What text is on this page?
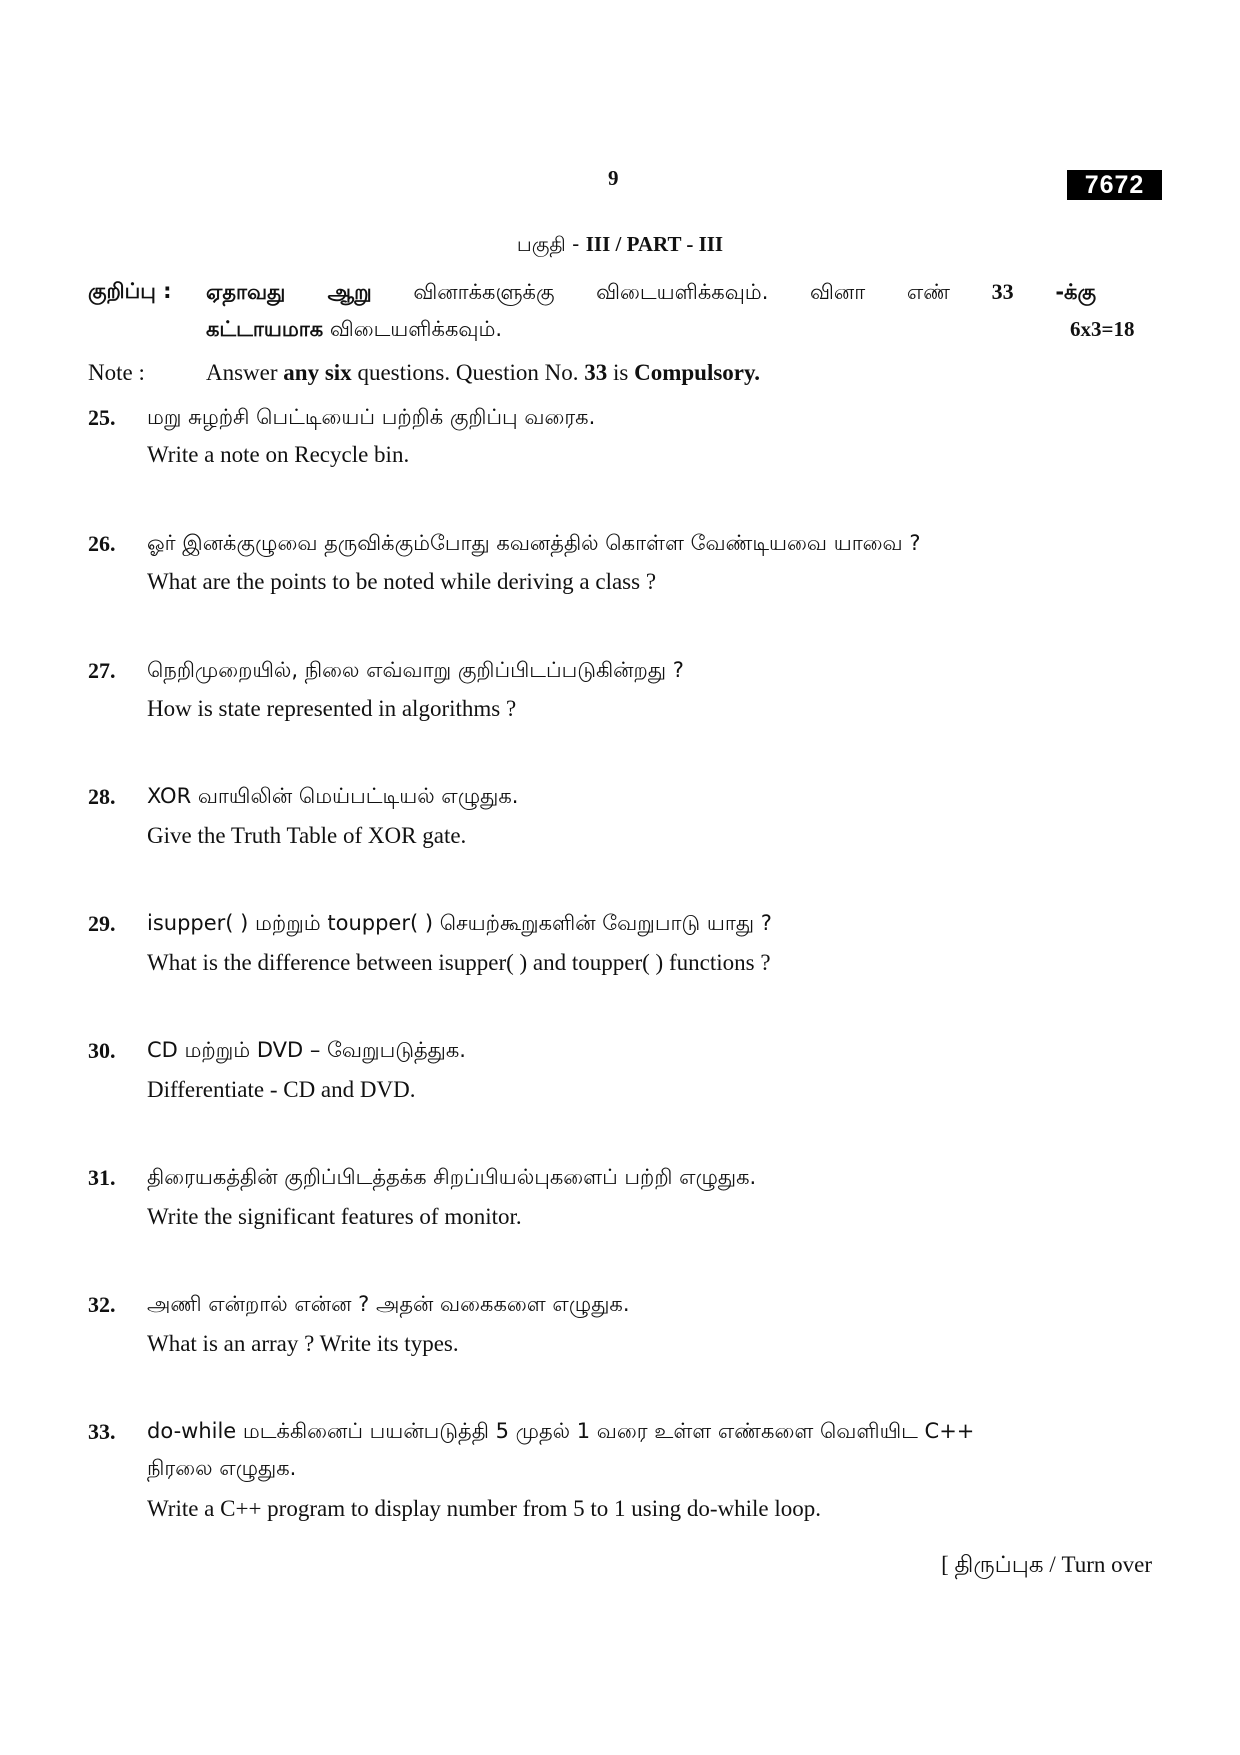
9	7672
பகுதி - III / PART - III
குறிப்பு : ஏதாவது ஆறு வினாக்களுக்கு விடையளிக்கவும். வினா எண் 33 -க்கு
கட்டாயமாக விடையளிக்கவும்.	6x3=18
Note :	Answer any six questions. Question No. 33 is Compulsory.
25. மறு சுழற்சி பெட்டியைப் பற்றிக் குறிப்பு வரைக.
Write a note on Recycle bin.
26. ஓர் இனக்குழுவை தருவிக்கும்போது கவனத்தில் கொள்ள வேண்டியவை யாவை ?
What are the points to be noted while deriving a class ?
27. நெறிமுறையில், நிலை எவ்வாறு குறிப்பிடப்படுகின்றது ?
How is state represented in algorithms ?
28. XOR வாயிலின் மெய்பட்டியல் எழுதுக.
Give the Truth Table of XOR gate.
29. isupper( ) மற்றும் toupper( ) செயற்கூறுகளின் வேறுபாடு யாது ?
What is the difference between isupper( ) and toupper( ) functions ?
30. CD மற்றும் DVD – வேறுபடுத்துக.
Differentiate - CD and DVD.
31. திரையகத்தின் குறிப்பிடத்தக்க சிறப்பியல்புகளைப் பற்றி எழுதுக.
Write the significant features of monitor.
32. அணி என்றால் என்ன ? அதன் வகைகளை எழுதுக.
What is an array ? Write its types.
33. do-while மடக்கினைப் பயன்படுத்தி 5 முதல் 1 வரை உள்ள எண்களை வெளியிட C++
நிரலை எழுதுக.
Write a C++ program to display number from 5 to 1 using do-while loop.
[ திருப்புக / Turn over
